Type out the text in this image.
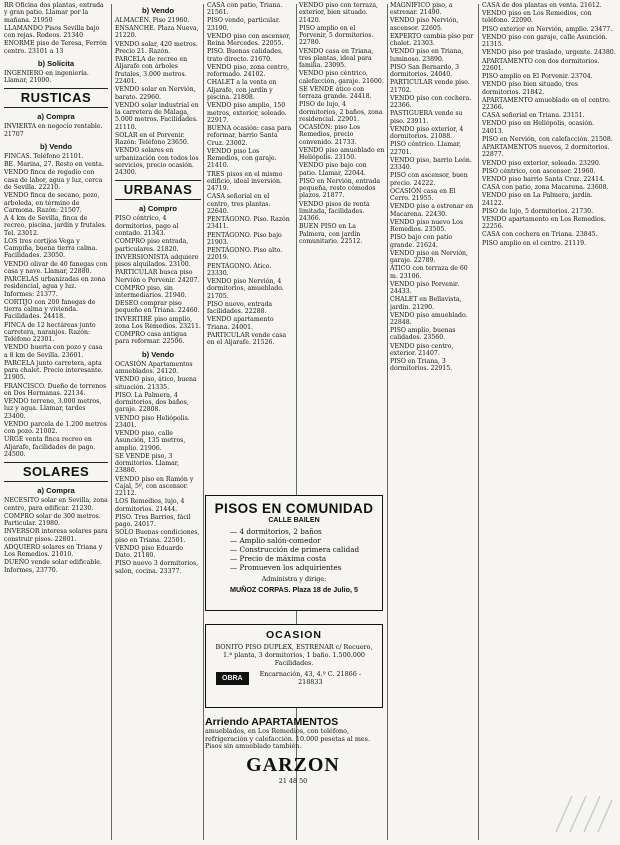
RR Oficina dos plantas, entrada y gran patio. Llamar por la mañana. 21950

LLAMANDO Pisos Sevilla bajo con rejas. Rodeos. 21340

ENORME piso de Teresa, Ferrón centro. 23101 a 13

b) Solicita

INGENIERO en ingeniería. Llamar, 21000.

RUSTICAS
a) Compra

INVIERTA en negocio rentable. 21707

b) Vendo

FINCAS. Teléfono 21101.

BE. Marina, 27. Resto en venta.

VENDO finca de regadío con casa de labor, agua y luz, cerca de Sevilla. 22210.

VENDO finca de secano, pozo, arboleda, en término de Carmona. Razón: 21507.

A 4 km de Sevilla, finca de recreo, piscina, jardín y frutales. Tel. 23012.

LOS tres cortijos Vega y Campiña, buena tierra calma. Facilidades. 23050.

VENDO olivar de 40 fanegas con casa y nave. Llamar, 22880.

PARCELAS urbanizadas en zona residencial, agua y luz. Informes: 21377.

CORTIJO con 200 fanegas de tierra calma y vivienda. Facilidades. 24418.

FINCA de 12 hectáreas junto carretera, naranjos. Razón: Teléfono 22301.

VENDO huerta con pozo y casa a 8 km de Sevilla. 23601.

PARCELA junto carretera, apta para chalet. Precio interesante. 21905.

FRANCISCO. Dueño de terrenos en Dos Hermanas. 22134.

VENDO terreno, 3.000 metros, luz y agua. Llamar, tardes 23400.

VENDO parcela de 1.200 metros con pozo. 21002.

URGE venta finca recreo en Aljarafe, facilidades de pago. 24500.

SOLARES
a) Compra

NECESITO solar en Sevilla, zona centro, para edificar. 21230.

COMPRO solar de 300 metros. Particular. 21980.

INVERSOR interesa solares para construir pisos. 22801.

ADQUIERO solares en Triana y Los Remedios. 21010.

DUEÑO vende solar edificable. Informes, 23770.

b) Vendo

ALMACÉN. Piso 21960.

ENSANCHE. Plaza Nueva, 21220.

VENDO solar, 420 metros. Precio 21. Razón.

PARCELA de recreo en Aljarafe con árboles frutales, 3.000 metros. 22401.

VENDO solar en Nervión, barato. 22960.

VENDO solar industrial en la carretera de Málaga, 5.000 metros. Facilidades. 21110.

SOLAR en el Porvenir. Razón: Teléfono 23650.

VENDO solares en urbanización con todos los servicios, precio ocasión. 24300.

URBANAS
a) Compro

PISO céntrico, 4 dormitorios, pago al contado. 21343.

COMPRO piso entrada, particulares. 21820.

INVERSIONISTA adquiere pisos alquilados. 23100.

PARTICULAR busca piso Nervión o Porvenir. 24207.

COMPRO piso, sin intermediarios. 21940.

DESEO comprar piso pequeño en Triana. 22460.

INVERTIRÉ piso amplio, zona Los Remedios. 23211.

COMPRO casa antigua para reformar. 22506.

b) Vendo

OCASIÓN Apartamentos amueblados. 24120.

VENDO piso, ático, buena situación. 21335.

PISO. La Palmera, 4 dormitorios, dos baños, garaje. 22808.

VENDO piso Heliópolis. 23401.

VENDO piso, calle Asunción, 135 metros, amplio. 21906.

SE VENDE piso, 3 dormitorios. Llamar, 23880.

VENDO piso en Ramón y Cajal, 5º, con ascensor. 22112.

LOS Remedios, lujo, 4 dormitorios. 21444.

PISO. Tres Barrios, fácil pago. 24017.

SOLO Buenas condiciones, piso en Triana. 22501.

VENDO piso Eduardo Dato. 21180.

PISO nuevo 3 dormitorios, salón, cocina. 23377.

CASA con patio, Triana. 21561.

PISO vendo, particular. 23190.

VENDO piso con ascensor, Reina Mercedes. 22055.

PISO. Buenas calidades, trato directo. 21670.

VENDO piso, zona centro, reformado. 24102.

CHALET a la venta en Aljarafe, con jardín y piscina. 21808.

VENDO piso amplio, 150 metros, exterior, soleado. 22917.

BUENA ocasión: casa para reformar, barrio Santa Cruz. 23002.

VENDO piso Los Remedios, con garaje. 21410.

TRES pisos en el mismo edificio, ideal inversión. 24719.

CASA señorial en el centro, tres plantas. 22640.

PENTÁGONO. Piso. Razón 23411.

PENTÁGONO. Piso bajo 21903.

PENTÁGONO. Piso alto. 22019.

PENTÁGONO. Ático. 23330.

VENDO piso Nervión, 4 dormitorios, amueblado. 21705.

PISO nuevo, entrada facilidades. 22288.

VENDO apartamento Triana. 24001.

PARTICULAR vende casa en el Aljarafe. 21526.

VENDO piso con terraza, exterior, bien situado. 21420.

PISO amplio en el Porvenir, 5 dormitorios. 22780.

VENDO casa en Triana, tres plantas, ideal para familia. 23095.

VENDO piso céntrico, calefacción, garaje. 21600.

SE VENDE ático con terraza grande. 24418.

PISO de lujo, 4 dormitorios, 2 baños, zona residencial. 22901.

OCASIÓN: piso Los Remedios, precio convenido. 21733.

VENDO piso amueblado en Heliópolis. 23150.

VENDO piso bajo con patio. Llamar, 22044.

PISO en Nervión, entrada pequeña, resto cómodos plazos. 21877.

VENDO pisos de renta limitada, facilidades. 24366.

BUEN PISO en La Palmera, con jardín comunitario. 22512.

MAGNÍFICO piso, a estrenar. 21490.

VENDO piso Nervión, ascensor. 22605.

EXPERTO cambia piso por chalet. 21303.

VENDO piso en Triana, luminoso. 23890.

PISO San Bernardo, 3 dormitorios. 24040.

PARTICULAR vende piso. 21702.

VENDO piso con cochera. 22366.

PASTIGUERA vende su piso. 23911.

VENDO piso exterior, 4 dormitorios. 21088.

PISO céntrico. Llamar, 22701.

VENDO piso, barrio León. 23340.

PISO con ascensor, buen precio. 24222.

OCASIÓN casa en El Cerro. 21955.

VENDO piso a estrenar en Macarena. 22430.

VENDO piso nuevo Los Remedios. 23505.

PISO bajo con patio grande. 21624.

VENDO piso en Nervión, garaje. 22789.

ÁTICO con terraza de 60 m. 23106.

VENDO piso Porvenir. 24433.

CHALET en Bellavista, jardín. 21290.

VENDO piso amueblado. 22848.

PISO amplio, buenas calidades. 23560.

VENDO piso centro, exterior. 21407.

PISO en Triana, 3 dormitorios. 22915.

CASA de dos plantas en venta. 21612.

VENDO piso en Los Remedios, con teléfono. 22090.

PISO exterior en Nervión, amplio. 23477.

VENDO piso con garaje, calle Asunción. 21315.

VENDO piso por traslado, urgente. 24380.

APARTAMENTO con dos dormitorios. 22601.

PISO amplio en El Porvenir. 23704.

VENDO piso bien situado, tres dormitorios. 21842.

APARTAMENTO amueblado en el centro. 22366.

CASA señorial en Triana. 23151.

VENDO piso en Heliópolis, ocasión. 24013.

PISO en Nervión, con calefacción. 21508.

APARTAMENTOS nuevos, 2 dormitorios. 22877.

VENDO piso exterior, soleado. 23290.

PISO céntrico, con ascensor. 21960.

VENDO piso barrio Santa Cruz. 22414.

CASA con patio, zona Macarena. 23608.

VENDO piso en La Palmera, jardín. 24122.

PISO de lujo, 5 dormitorios. 21730.

VENDO apartamento en Los Remedios. 22256.

CASA con cochera en Triana. 23845.

PISO amplio en el centro. 21119.

PISOS EN COMUNIDAD
CALLE BAILEN
— 4 dormitorios, 2 baños
— Amplio salón-comedor
— Construcción de primera calidad
— Precio de máxima costa
— Promueven los adquirientes
Administra y dirige:
MUÑOZ CORPAS. Plaza 18 de Julio, 5
OCASION
BONITO PISO DUPLEX, ESTRENAR c/ Recuero, 1.ª planta, 3 dormitorios, 1 baño. 1.500.000 Facilidades.
OBRA
Encarnación, 43, 4.º C. 21866 - 218833
Arriendo APARTAMENTOS
amueblados, en Los Remedios, con teléfono, refrigeración y calefacción. 10.000 pesetas al mes. Pisos sin amueblado también.
GARZON
21 48 50
